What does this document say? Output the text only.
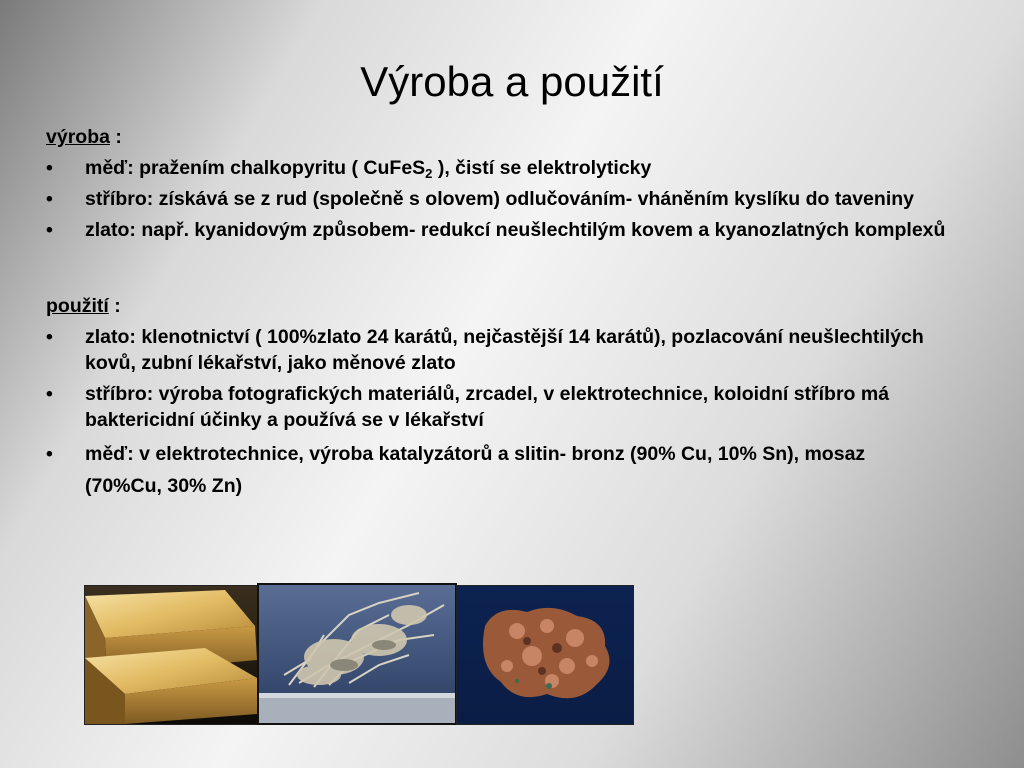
Výroba a použití

výroba :

• měď: pražením chalkopyritu ( CuFeS$_2$ ), čistí se elektrolyticky
• stříbro: získává se z rud (společně s olovem) odlučováním- vháněním kyslíku do taveniny
• zlato: např. kyanidovým způsobem- redukcí neušlechtilým kovem a kyanozlatných komplexů

použití :

• zlato: klenotnictví ( 100%zlato 24 karátů, nejčastější 14 karátů), pozlacování neušlechtilých kovů, zubní lékařství, jako měnové zlato
• stříbro: výroba fotografických materiálů, zrcadel, v elektrotechnice, koloidní stříbro má baktericidní účinky a používá se v lékařství
• měď: v elektrotechnice, výroba katalyzátorů a slitin- bronz (90% Cu, 10% Sn), mosaz (70%Cu, 30% Zn)
